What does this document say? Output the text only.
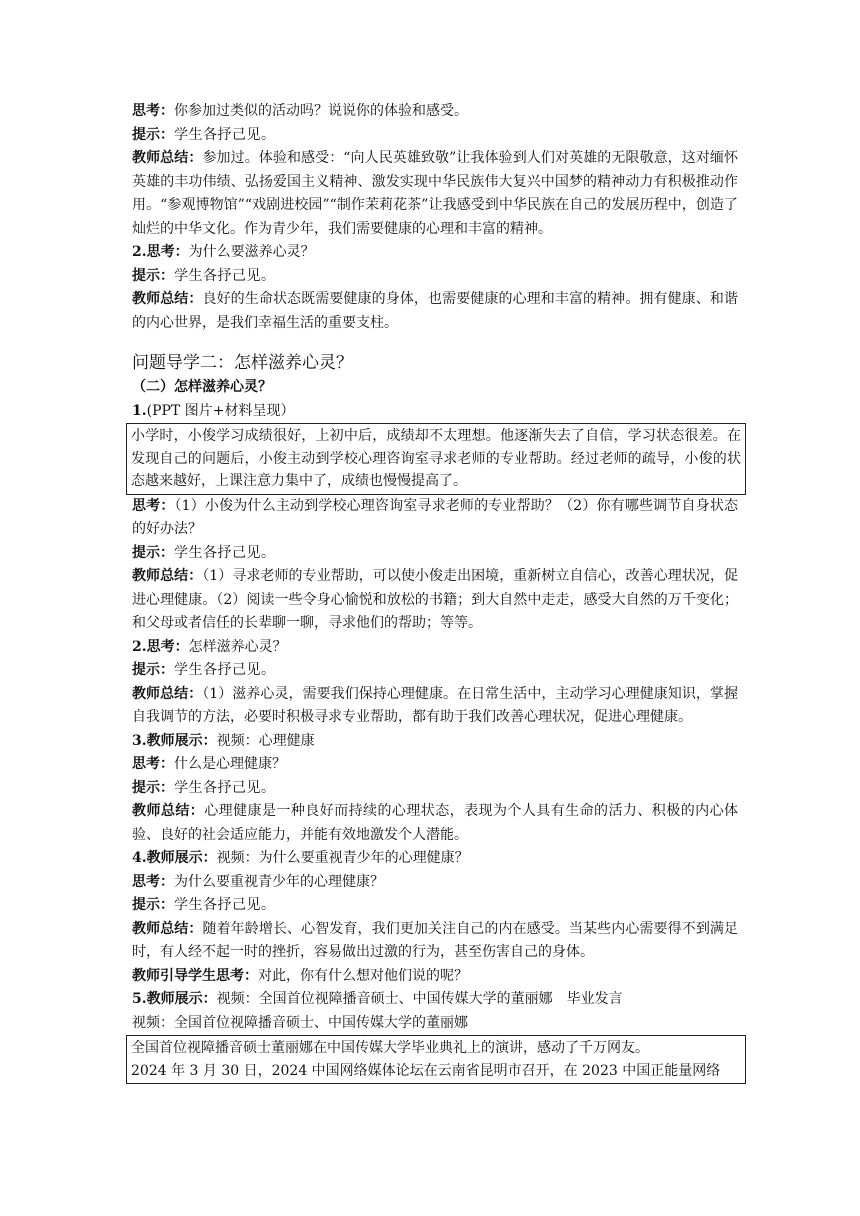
思考：你参加过类似的活动吗？说说你的体验和感受。

提示：学生各抒己见。

教师总结：参加过。体验和感受：“向人民英雄致敬”让我体验到人们对英雄的无限敬意，这对缅怀英雄的丰功伟绩、弘扬爱国主义精神、激发实现中华民族伟大复兴中国梦的精神动力有积极推动作用。“参观博物馆”“戏剧进校园”“制作茉莉花茶”让我感受到中华民族在自己的发展历程中，创造了灿烂的中华文化。作为青少年，我们需要健康的心理和丰富的精神。

2.思考：为什么要滋养心灵？

提示：学生各抒己见。

教师总结：良好的生命状态既需要健康的身体，也需要健康的心理和丰富的精神。拥有健康、和谐的内心世界，是我们幸福生活的重要支柱。

问题导学二：怎样滋养心灵？

（二）怎样滋养心灵？

1.(PPT 图片+材料呈现）

小学时，小俊学习成绩很好，上初中后，成绩却不太理想。他逐渐失去了自信，学习状态很差。在发现自己的问题后，小俊主动到学校心理咨询室寻求老师的专业帮助。经过老师的疏导，小俊的状态越来越好，上课注意力集中了，成绩也慢慢提高了。

思考：（1）小俊为什么主动到学校心理咨询室寻求老师的专业帮助？（2）你有哪些调节自身状态的好办法？

提示：学生各抒己见。

教师总结：（1）寻求老师的专业帮助，可以使小俊走出困境，重新树立自信心，改善心理状况，促进心理健康。（2）阅读一些令身心愉悦和放松的书籍；到大自然中走走，感受大自然的万千变化；和父母或者信任的长辈聊一聊，寻求他们的帮助；等等。

2.思考：怎样滋养心灵？

提示：学生各抒己见。

教师总结：（1）滋养心灵，需要我们保持心理健康。在日常生活中，主动学习心理健康知识，掌握自我调节的方法，必要时积极寻求专业帮助，都有助于我们改善心理状况，促进心理健康。

3.教师展示：视频：心理健康

思考：什么是心理健康？

提示：学生各抒己见。

教师总结：心理健康是一种良好而持续的心理状态，表现为个人具有生命的活力、积极的内心体验、良好的社会适应能力，并能有效地激发个人潜能。

4.教师展示：视频：为什么要重视青少年的心理健康？

思考：为什么要重视青少年的心理健康？

提示：学生各抒己见。

教师总结：随着年龄增长、心智发育，我们更加关注自己的内在感受。当某些内心需要得不到满足时，有人经不起一时的挫折，容易做出过激的行为，甚至伤害自己的身体。

教师引导学生思考：对此，你有什么想对他们说的呢？

5.教师展示：视频：全国首位视障播音硕士、中国传媒大学的董丽娜　毕业发言

视频：全国首位视障播音硕士、中国传媒大学的董丽娜

全国首位视障播音硕士董丽娜在中国传媒大学毕业典礼上的演讲，感动了千万网友。

2024 年 3 月 30 日，2024 中国网络媒体论坛在云南省昆明市召开，在 2023 中国正能量网络
